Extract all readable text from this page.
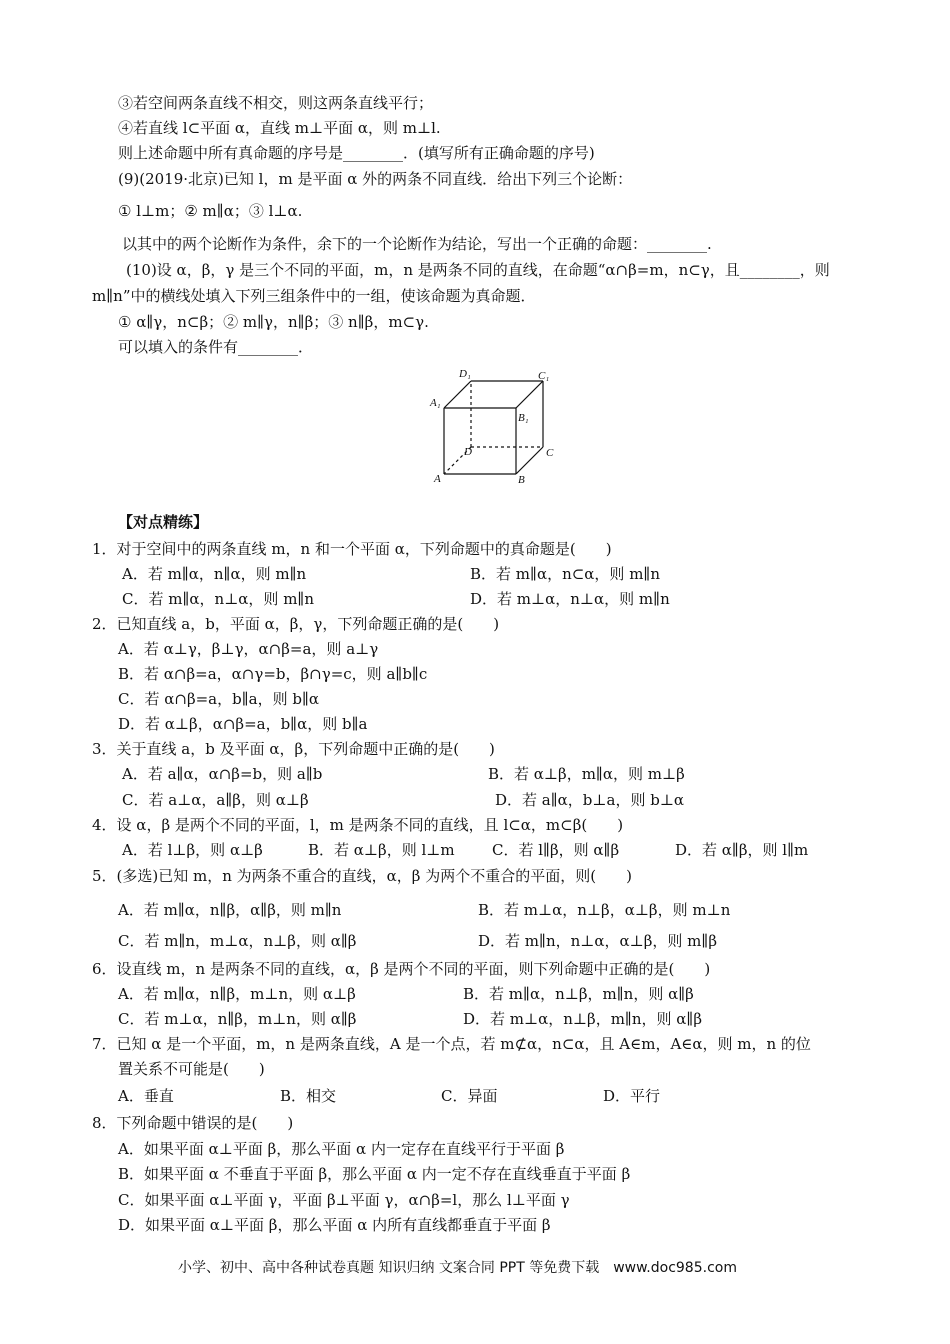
③若空间两条直线不相交，则这两条直线平行；
④若直线 l⊂平面 α，直线 m⊥平面 α，则 m⊥l.
则上述命题中所有真命题的序号是________．(填写所有正确命题的序号)
(9)(2019·北京)已知 l，m 是平面 α 外的两条不同直线．给出下列三个论断：
① l⊥m；② m∥α；③ l⊥α.
以其中的两个论断作为条件，余下的一个论断作为结论，写出一个正确的命题：________.
(10)设 α，β，γ 是三个不同的平面，m，n 是两条不同的直线，在命题“α∩β=m，n⊂γ，且________，则
m∥n”中的横线处填入下列三组条件中的一组，使该命题为真命题．
① α∥γ，n⊂β；② m∥γ，n∥β；③ n∥β，m⊂γ.
可以填入的条件有________．
D₁	C₁
A₁
B₁
D	C
A	B
【对点精练】
1．对于空间中的两条直线 m，n 和一个平面 α，下列命题中的真命题是(　　)
A．若 m∥α，n∥α，则 m∥n	B．若 m∥α，n⊂α，则 m∥n
C．若 m∥α，n⊥α，则 m∥n	D．若 m⊥α，n⊥α，则 m∥n
2．已知直线 a，b，平面 α，β，γ，下列命题正确的是(　　)
A．若 α⊥γ，β⊥γ，α∩β=a，则 a⊥γ
B．若 α∩β=a，α∩γ=b，β∩γ=c，则 a∥b∥c
C．若 α∩β=a，b∥a，则 b∥α
D．若 α⊥β，α∩β=a，b∥α，则 b∥a
3．关于直线 a，b 及平面 α，β，下列命题中正确的是(　　)
A．若 a∥α，α∩β=b，则 a∥b	B．若 α⊥β，m∥α，则 m⊥β
C．若 a⊥α，a∥β，则 α⊥β	D．若 a∥α，b⊥a，则 b⊥α
4．设 α，β 是两个不同的平面，l，m 是两条不同的直线，且 l⊂α，m⊂β(　　)
A．若 l⊥β，则 α⊥β	B．若 α⊥β，则 l⊥m C．若 l∥β，则 α∥β	D．若 α∥β，则 l∥m
5．(多选)已知 m，n 为两条不重合的直线，α，β 为两个不重合的平面，则(　　)
A．若 m∥α，n∥β，α∥β，则 m∥n	B．若 m⊥α，n⊥β，α⊥β，则 m⊥n
C．若 m∥n，m⊥α，n⊥β，则 α∥β	D．若 m∥n，n⊥α，α⊥β，则 m∥β
6．设直线 m，n 是两条不同的直线，α，β 是两个不同的平面，则下列命题中正确的是(　　)
A．若 m∥α，n∥β，m⊥n，则 α⊥β	B．若 m∥α，n⊥β，m∥n，则 α∥β
C．若 m⊥α，n∥β，m⊥n，则 α∥β	D．若 m⊥α，n⊥β，m∥n，则 α∥β
7．已知 α 是一个平面，m，n 是两条直线，A 是一个点，若 m⊄α，n⊂α，且 A∈m，A∈α，则 m，n 的位
置关系不可能是(　　)
A．垂直	B．相交	C．异面	D．平行
8．下列命题中错误的是(　　)
A．如果平面 α⊥平面 β，那么平面 α 内一定存在直线平行于平面 β
B．如果平面 α 不垂直于平面 β，那么平面 α 内一定不存在直线垂直于平面 β
C．如果平面 α⊥平面 γ，平面 β⊥平面 γ，α∩β=l，那么 l⊥平面 γ
D．如果平面 α⊥平面 β，那么平面 α 内所有直线都垂直于平面 β
小学、初中、高中各种试卷真题 知识归纳 文案合同 PPT 等免费下载　www.doc985.com
